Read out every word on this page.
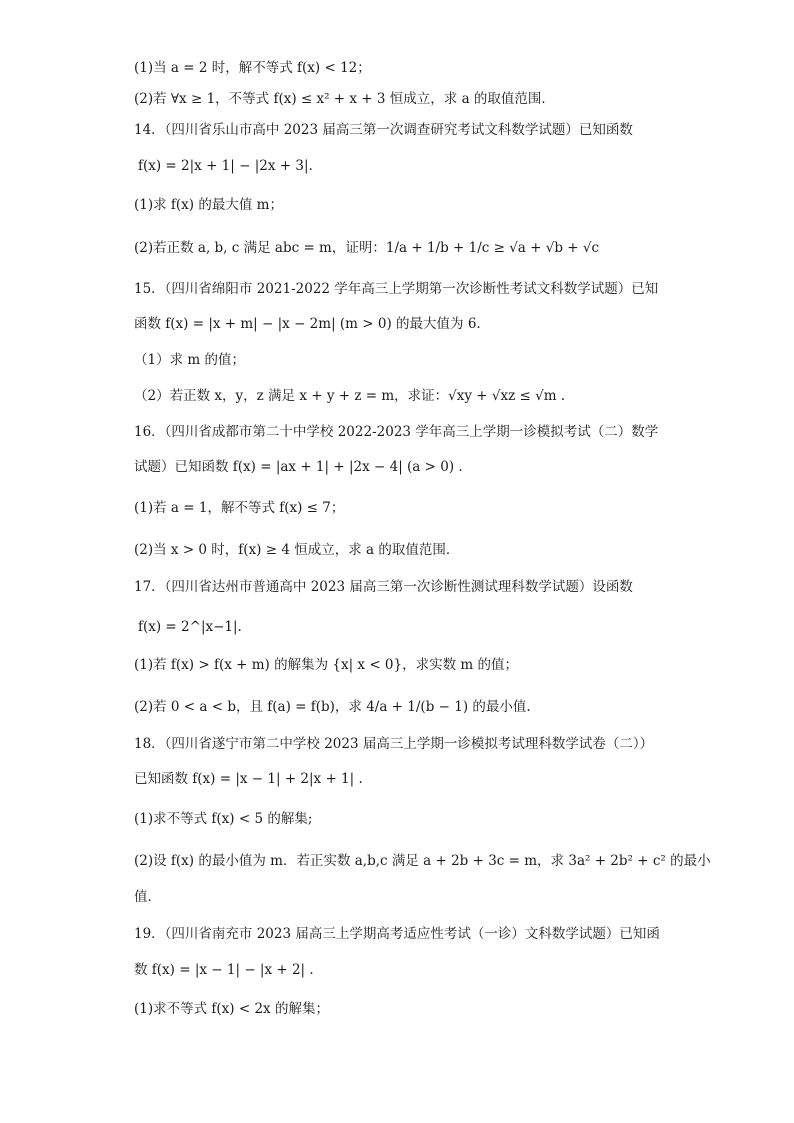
(1)当 a = 2 时，解不等式 f(x) < 12；
(2)若 ∀x ≥ 1，不等式 f(x) ≤ x² + x + 3 恒成立，求 a 的取值范围．
14．（四川省乐山市高中 2023 届高三第一次调查研究考试文科数学试题）已知函数
f(x) = 2|x + 1| − |2x + 3|.
(1)求 f(x) 的最大值 m；
(2)若正数 a, b, c 满足 abc = m，证明：1/a + 1/b + 1/c ≥ √a + √b + √c
15．（四川省绵阳市 2021-2022 学年高三上学期第一次诊断性考试文科数学试题）已知
函数 f(x) = |x + m| − |x − 2m| (m > 0) 的最大值为 6.
（1）求 m 的值；
（2）若正数 x，y，z 满足 x + y + z = m，求证：√xy + √xz ≤ √m .
16．（四川省成都市第二十中学校 2022-2023 学年高三上学期一诊模拟考试（二）数学
试题）已知函数 f(x) = |ax + 1| + |2x − 4| (a > 0) .
(1)若 a = 1，解不等式 f(x) ≤ 7；
(2)当 x > 0 时，f(x) ≥ 4 恒成立，求 a 的取值范围．
17．（四川省达州市普通高中 2023 届高三第一次诊断性测试理科数学试题）设函数
f(x) = 2^|x−1|.
(1)若 f(x) > f(x + m) 的解集为 {x| x < 0}，求实数 m 的值；
(2)若 0 < a < b，且 f(a) = f(b)，求 4/a + 1/(b − 1) 的最小值.
18．（四川省遂宁市第二中学校 2023 届高三上学期一诊模拟考试理科数学试卷（二））
已知函数 f(x) = |x − 1| + 2|x + 1| .
(1)求不等式 f(x) < 5 的解集;
(2)设 f(x) 的最小值为 m．若正实数 a,b,c 满足 a + 2b + 3c = m，求 3a² + 2b² + c² 的最小
值．
19．（四川省南充市 2023 届高三上学期高考适应性考试（一诊）文科数学试题）已知函
数 f(x) = |x − 1| − |x + 2| .
(1)求不等式 f(x) < 2x 的解集；
